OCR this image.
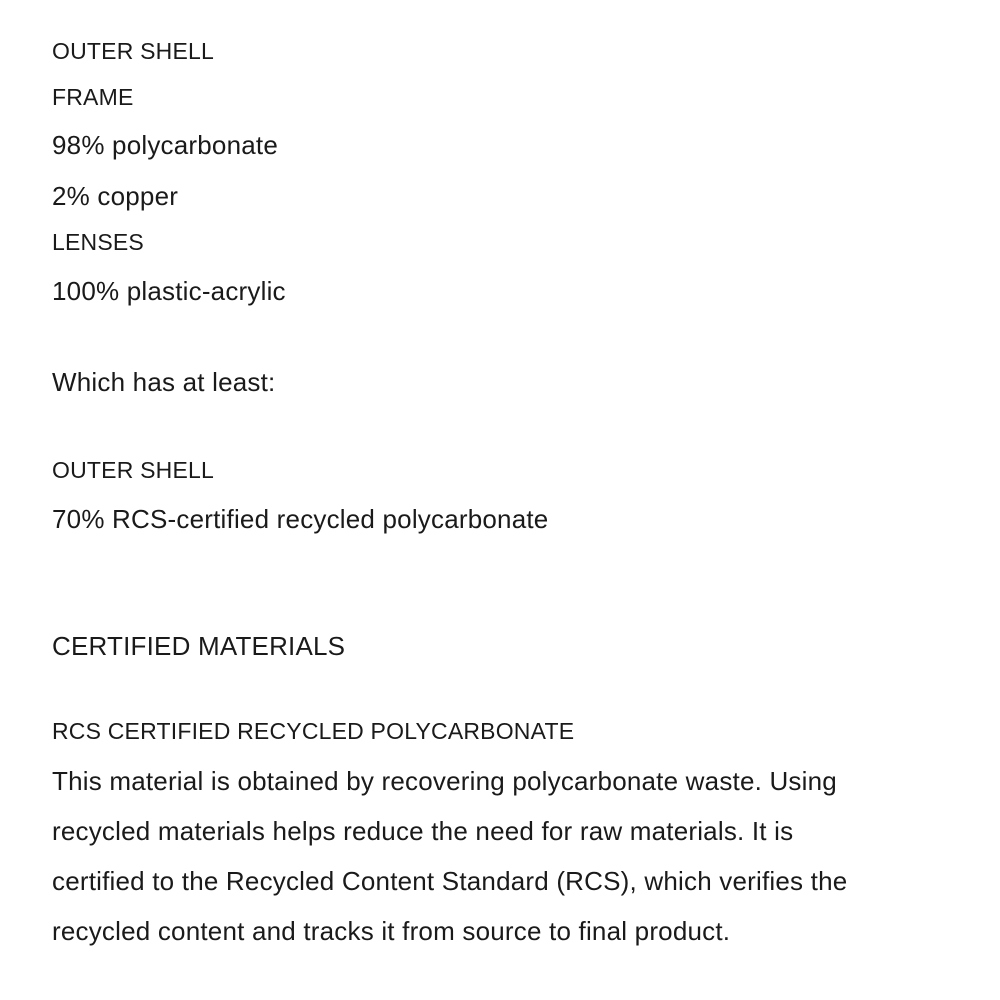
OUTER SHELL
FRAME
98% polycarbonate
2% copper
LENSES
100% plastic-acrylic
Which has at least:
OUTER SHELL
70% RCS-certified recycled polycarbonate
CERTIFIED MATERIALS
RCS CERTIFIED RECYCLED POLYCARBONATE
This material is obtained by recovering polycarbonate waste. Using
recycled materials helps reduce the need for raw materials. It is
certified to the Recycled Content Standard (RCS), which verifies the
recycled content and tracks it from source to final product.
